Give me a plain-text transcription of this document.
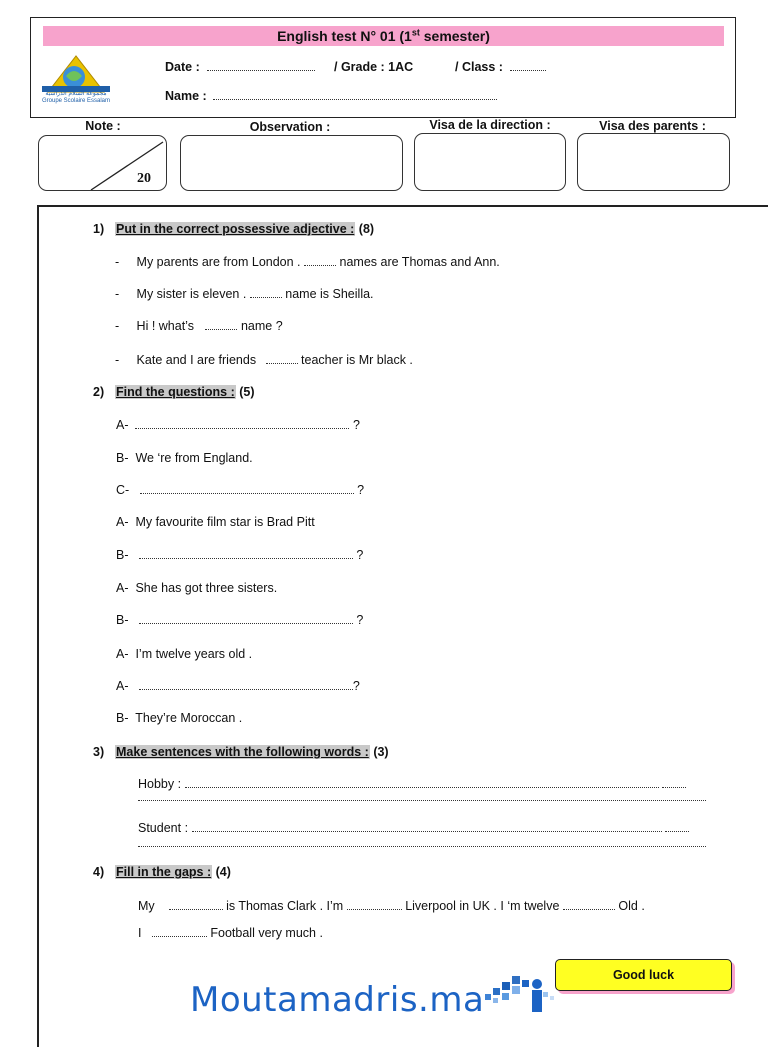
English test N° 01 (1st semester)
مجموعة السلام الدراسية
Groupe Scolaire Essalam
Date :	/ Grade : 1AC	/ Class :
Name :
Note :	Observation :	Visa de la direction :	Visa des parents :
20
1) Put in the correct possessive adjective : (8)
- My parents are from London .	names are Thomas and Ann.
- My sister is eleven .	name is Sheilla.
- Hi ! what’s	name ?
-     Kate and I are friends	teacher is Mr black .
2) Find the questions : (5)
A-	?
B- We ‘re from England.
C-	?
A- My favourite film star is Brad Pitt
B-	?
A- She has got three sisters.
B-	?
A- I’m twelve years old .
A-	?
B- They’re Moroccan .
3) Make sentences with the following words : (3)
Hobby :
Student :
4) Fill in the gaps : (4)
My	is Thomas Clark . I’m	Liverpool in UK . I ‘m twelve	Old .
I	Football very much .
Good luck
Moutamadris.ma
